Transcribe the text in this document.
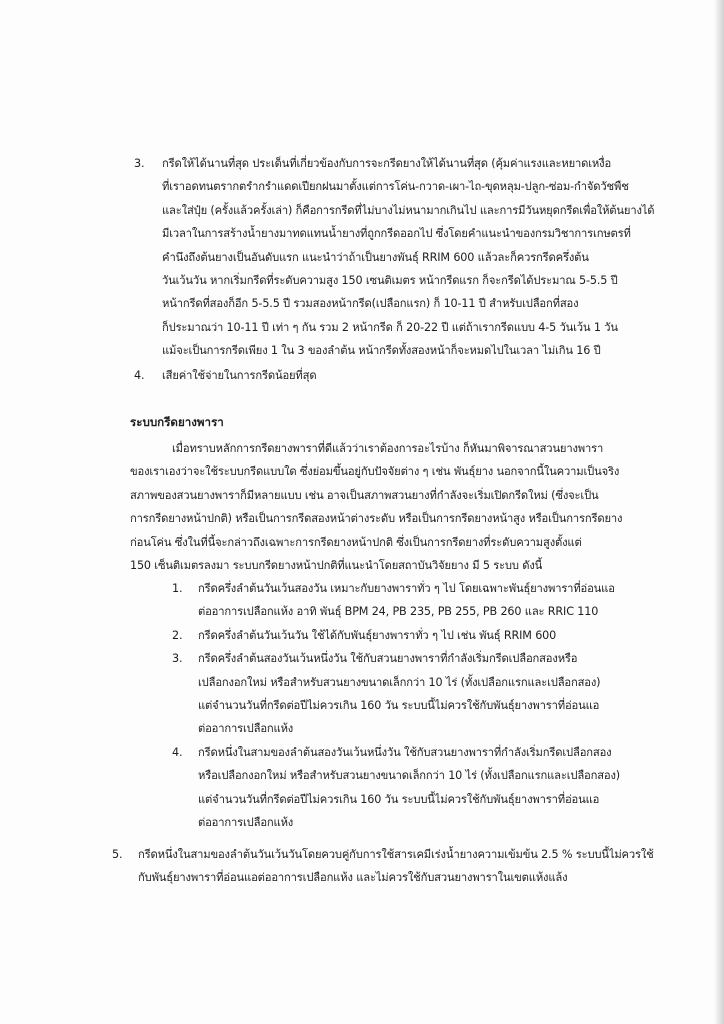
3.	กรีดให้ได้นานที่สุด ประเด็นที่เกี่ยวข้องกับการจะกรีดยางให้ได้นานที่สุด (คุ้มค่าแรงและหยาดเหงื่อ
ที่เราอดทนตรากตรำกรำแดดเปียกฝนมาตั้งแต่การโค่น-กวาด-เผา-ไถ-ขุดหลุม-ปลูก-ซ่อม-กำจัดวัชพืช
และใส่ปุ๋ย (ครั้งแล้วครั้งเล่า) ก็คือการกรีดที่ไม่บางไม่หนามากเกินไป และการมีวันหยุดกรีดเพื่อให้ต้นยางได้
มีเวลาในการสร้างน้ำยางมาทดแทนน้ำยางที่ถูกกรีดออกไป ซึ่งโดยคำแนะนำของกรมวิชาการเกษตรที่
คำนึงถึงต้นยางเป็นอันดับแรก แนะนำว่าถ้าเป็นยางพันธุ์ RRIM 600 แล้วละก็ควรกรีดครึ่งต้น
วันเว้นวัน หากเริ่มกรีดที่ระดับความสูง 150 เซนติเมตร หน้ากรีดแรก ก็จะกรีดได้ประมาณ 5-5.5 ปี
หน้ากรีดที่สองก็อีก 5-5.5 ปี รวมสองหน้ากรีด(เปลือกแรก) ก็ 10-11 ปี สำหรับเปลือกที่สอง
ก็ประมาณว่า 10-11 ปี เท่า ๆ กัน รวม 2 หน้ากรีด ก็ 20-22 ปี แต่ถ้าเรากรีดแบบ 4-5 วันเว้น 1 วัน
แม้จะเป็นการกรีดเพียง 1 ใน 3 ของลำต้น หน้ากรีดทั้งสองหน้าก็จะหมดไปในเวลา ไม่เกิน 16 ปี
4.	เสียค่าใช้จ่ายในการกรีดน้อยที่สุด
ระบบกรีดยางพารา
เมื่อทราบหลักการกรีดยางพาราที่ดีแล้วว่าเราต้องการอะไรบ้าง ก็หันมาพิจารณาสวนยางพารา
ของเราเองว่าจะใช้ระบบกรีดแบบใด ซึ่งย่อมขึ้นอยู่กับปัจจัยต่าง ๆ เช่น พันธุ์ยาง นอกจากนี้ในความเป็นจริง
สภาพของสวนยางพาราก็มีหลายแบบ เช่น อาจเป็นสภาพสวนยางที่กำลังจะเริ่มเปิดกรีดใหม่ (ซึ่งจะเป็น
การกรีดยางหน้าปกติ) หรือเป็นการกรีดสองหน้าต่างระดับ หรือเป็นการกรีดยางหน้าสูง หรือเป็นการกรีดยาง
ก่อนโค่น ซึ่งในที่นี้จะกล่าวถึงเฉพาะการกรีดยางหน้าปกติ ซึ่งเป็นการกรีดยางที่ระดับความสูงตั้งแต่
150 เซ็นติเมตรลงมา ระบบกรีดยางหน้าปกติที่แนะนำโดยสถาบันวิจัยยาง มี 5 ระบบ ดังนี้
1.	กรีดครึ่งลำต้นวันเว้นสองวัน เหมาะกับยางพาราทั่ว ๆ ไป โดยเฉพาะพันธุ์ยางพาราที่อ่อนแอ
ต่ออาการเปลือกแห้ง อาทิ พันธุ์ BPM 24, PB 235, PB 255, PB 260 และ RRIC 110
2.	กรีดครึ่งลำต้นวันเว้นวัน ใช้ได้กับพันธุ์ยางพาราทั่ว ๆ ไป เช่น พันธุ์ RRIM 600
3.	กรีดครึ่งลำต้นสองวันเว้นหนึ่งวัน ใช้กับสวนยางพาราที่กำลังเริ่มกรีดเปลือกสองหรือ
เปลือกงอกใหม่ หรือสำหรับสวนยางขนาดเล็กกว่า 10 ไร่ (ทั้งเปลือกแรกและเปลือกสอง)
แต่จำนวนวันที่กรีดต่อปีไม่ควรเกิน 160 วัน ระบบนี้ไม่ควรใช้กับพันธุ์ยางพาราที่อ่อนแอ
ต่ออาการเปลือกแห้ง
4.	กรีดหนึ่งในสามของลำต้นสองวันเว้นหนึ่งวัน ใช้กับสวนยางพาราที่กำลังเริ่มกรีดเปลือกสอง
หรือเปลือกงอกใหม่ หรือสำหรับสวนยางขนาดเล็กกว่า 10 ไร่ (ทั้งเปลือกแรกและเปลือกสอง)
แต่จำนวนวันที่กรีดต่อปีไม่ควรเกิน 160 วัน ระบบนี้ไม่ควรใช้กับพันธุ์ยางพาราที่อ่อนแอ
ต่ออาการเปลือกแห้ง
5.	กรีดหนึ่งในสามของลำต้นวันเว้นวันโดยควบคู่กับการใช้สารเคมีเร่งน้ำยางความเข้มข้น 2.5 % ระบบนี้ไม่ควรใช้
กับพันธุ์ยางพาราที่อ่อนแอต่ออาการเปลือกแห้ง และไม่ควรใช้กับสวนยางพาราในเขตแห้งแล้ง
